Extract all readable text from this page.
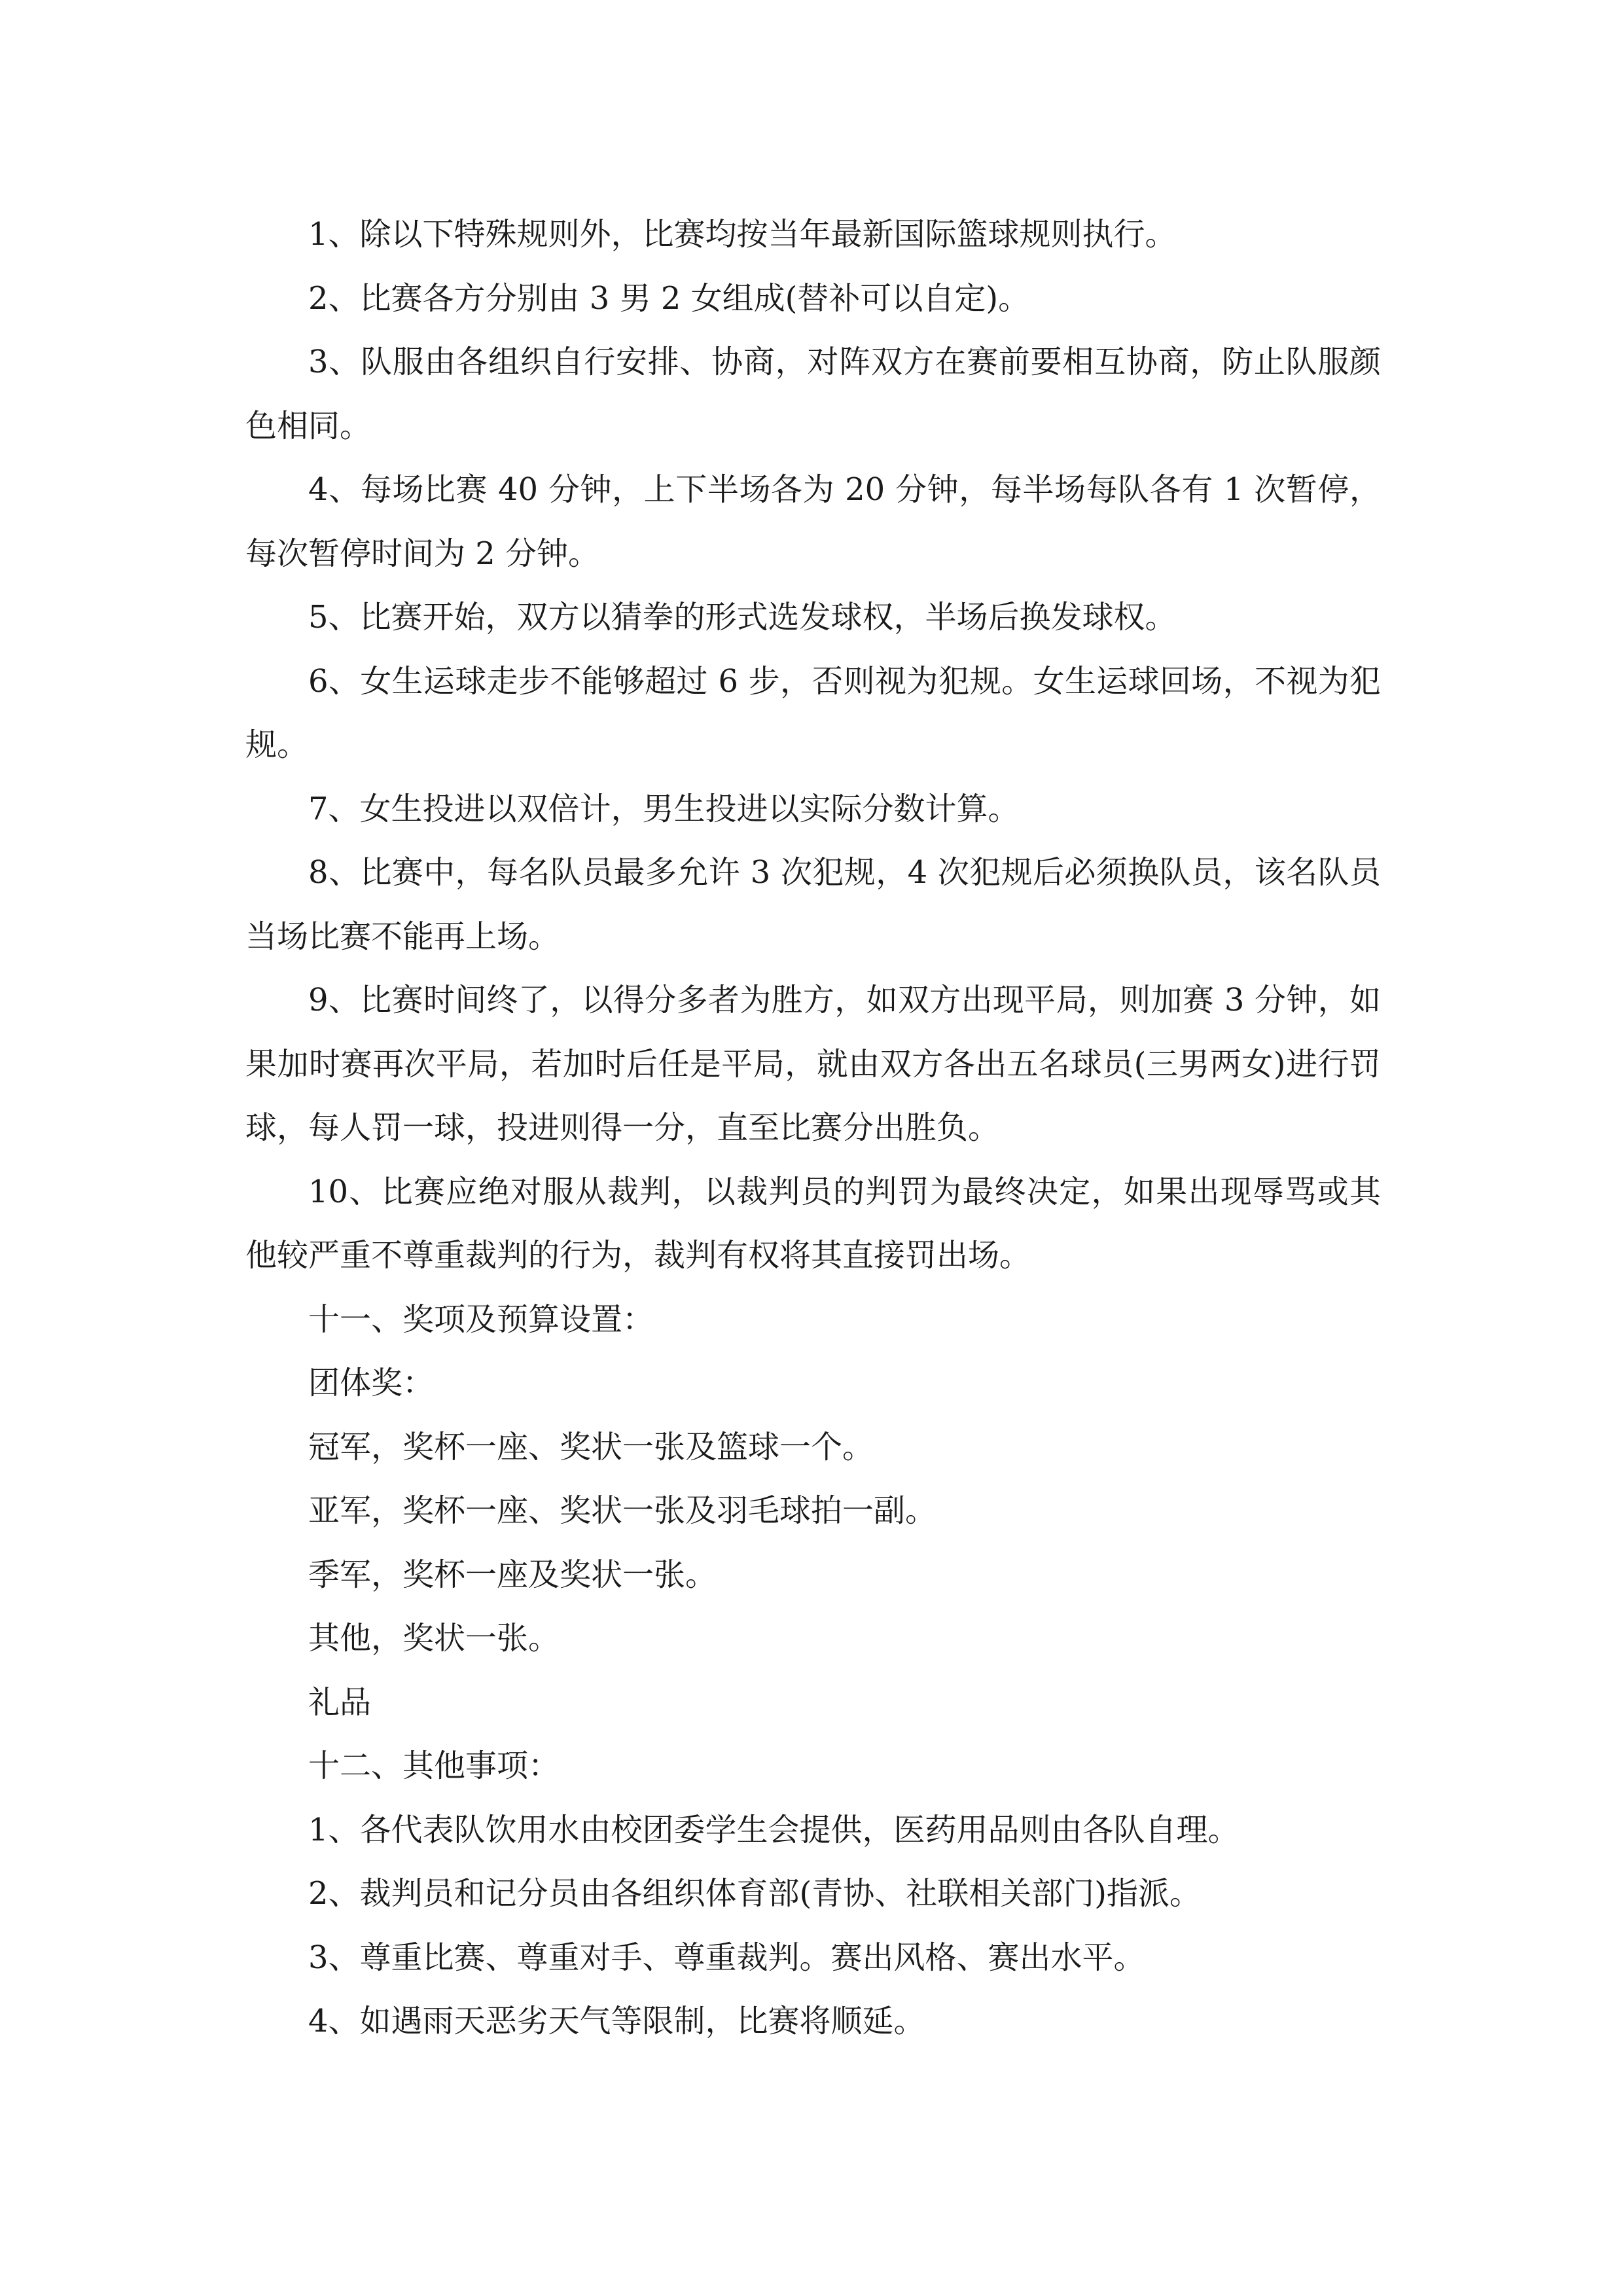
1、除以下特殊规则外，比赛均按当年最新国际篮球规则执行。

2、比赛各方分别由 3 男 2 女组成(替补可以自定)。

3、队服由各组织自行安排、协商，对阵双方在赛前要相互协商，防止队服颜色相同。

4、每场比赛 40 分钟，上下半场各为 20 分钟，每半场每队各有 1 次暂停，每次暂停时间为 2 分钟。

5、比赛开始，双方以猜拳的形式选发球权，半场后换发球权。

6、女生运球走步不能够超过 6 步，否则视为犯规。女生运球回场，不视为犯规。

7、女生投进以双倍计，男生投进以实际分数计算。

8、比赛中，每名队员最多允许 3 次犯规，4 次犯规后必须换队员，该名队员当场比赛不能再上场。

9、比赛时间终了，以得分多者为胜方，如双方出现平局，则加赛 3 分钟，如果加时赛再次平局，若加时后任是平局，就由双方各出五名球员(三男两女)进行罚球，每人罚一球，投进则得一分，直至比赛分出胜负。

10、比赛应绝对服从裁判，以裁判员的判罚为最终决定，如果出现辱骂或其他较严重不尊重裁判的行为，裁判有权将其直接罚出场。

十一、奖项及预算设置：

团体奖：

冠军，奖杯一座、奖状一张及篮球一个。

亚军，奖杯一座、奖状一张及羽毛球拍一副。

季军，奖杯一座及奖状一张。

其他，奖状一张。

礼品

十二、其他事项：

1、各代表队饮用水由校团委学生会提供，医药用品则由各队自理。

2、裁判员和记分员由各组织体育部(青协、社联相关部门)指派。

3、尊重比赛、尊重对手、尊重裁判。赛出风格、赛出水平。

4、如遇雨天恶劣天气等限制，比赛将顺延。
